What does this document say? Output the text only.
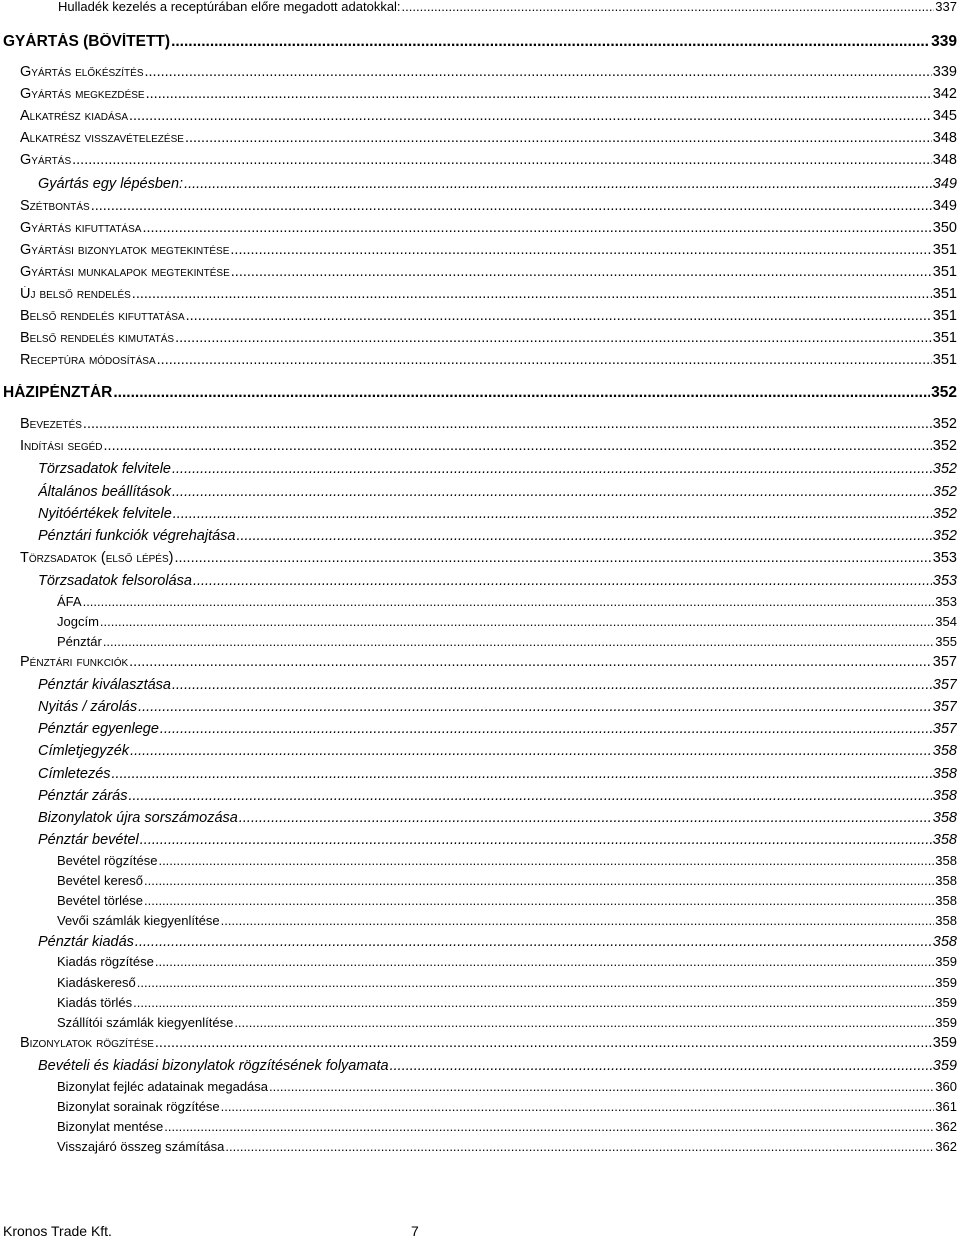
Hulladék kezelés a receptúrában előre megadott adatokkal: .....	337
GYÁRTÁS (BŐVÍTETT) .....	339
Gyártás előkészítés .....	339
Gyártás megkezdése .....	342
Alkatrész kiadása .....	345
Alkatrész visszavételezése .....	348
Gyártás .....	348
Gyártás egy lépésben: .....	349
Szétbontás .....	349
Gyártás kifuttatása .....	350
Gyártási bizonylatok megtekintése .....	351
Gyártási munkalapok megtekintése .....	351
Új belső rendelés .....	351
Belső rendelés kifuttatása .....	351
Belső rendelés kimutatás .....	351
Receptúra módosítása .....	351
HÁZIPÉNZTÁR .....	352
Bevezetés .....	352
Indítási segéd .....	352
Törzsadatok felvitele .....	352
Általános beállítások .....	352
Nyitóértékek felvitele .....	352
Pénztári funkciók végrehajtása .....	352
Törzsadatok (első lépés) .....	353
Törzsadatok felsorolása .....	353
ÁFA .....	353
Jogcím .....	354
Pénztár .....	355
Pénztári funkciók .....	357
Pénztár kiválasztása .....	357
Nyitás / zárolás .....	357
Pénztár egyenlege .....	357
Címletjegyzék .....	358
Címletezés .....	358
Pénztár zárás .....	358
Bizonylatok újra sorszámozása .....	358
Pénztár bevétel .....	358
Bevétel rögzítése .....	358
Bevétel kereső .....	358
Bevétel törlése .....	358
Vevői számlák kiegyenlítése .....	358
Pénztár kiadás .....	358
Kiadás rögzítése .....	359
Kiadáskereső .....	359
Kiadás törlés .....	359
Szállítói számlák kiegyenlítése .....	359
Bizonylatok rögzítése .....	359
Bevételi és kiadási bizonylatok rögzítésének folyamata .....	359
Bizonylat fejléc adatainak megadása .....	360
Bizonylat sorainak rögzítése .....	361
Bizonylat mentése .....	362
Visszajáró összeg számítása .....	362
Kronos Trade Kft.	7
